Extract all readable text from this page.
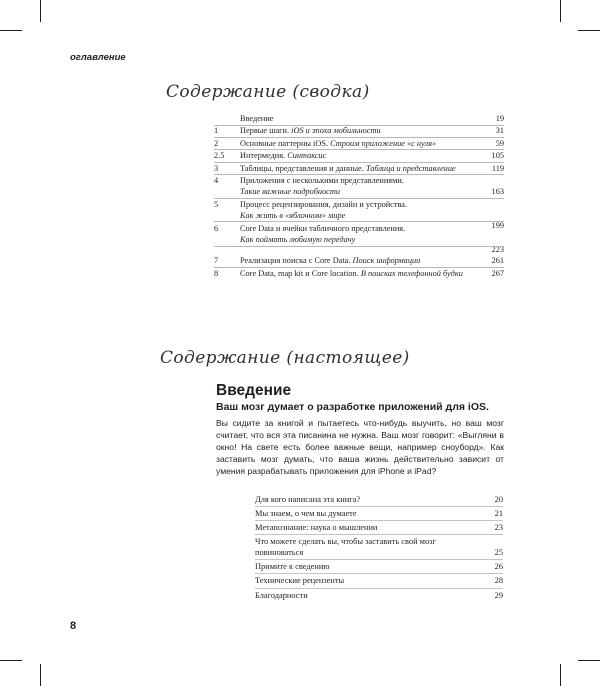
оглавление
Содержание (сводка)
Введение	19
1	Первые шаги. iOS и эпоха мобильности	31
2	Основные паттерны iOS. Строим приложение «с нуля»	59
2.5	Интермедия. Синтаксис	105
3	Таблицы, представления и данные. Таблица и представление	119
4	Приложения с несколькими представлениями.
Такие важные подробности	163
5	Процесс рецензирования, дизайн и устройства.
Как жить в «яблочном» мире
199
6	Core Data и ячейки табличного представления.
Как поймать любимую передачу
223
7	Реализация поиска с Core Data. Поиск информации	261
8	Core Data, map kit и Core location. В поисках телефонной будки	267
Содержание (настоящее)
Введение
Ваш мозг думает о разработке приложений для iOS.
Вы сидите за книгой и пытаетесь что-нибудь выучить, но ваш мозг считает, что вся эта писанина не нужна. Ваш мозг говорит: «Выгляни в окно! На свете есть более важные вещи, например сноуборд». Как заставить мозг думать, что ваша жизнь действительно зависит от умения разрабатывать приложения для iPhone и iPad?
Для кого написана эта книга?	20
Мы знаем, о чем вы думаете	21
Метапознание: наука о мышлении	23
Что можете сделать вы, чтобы заставить свой мозг повиноваться	25
Примите к сведению	26
Технические рецензенты	28
Благодарности	29
8
